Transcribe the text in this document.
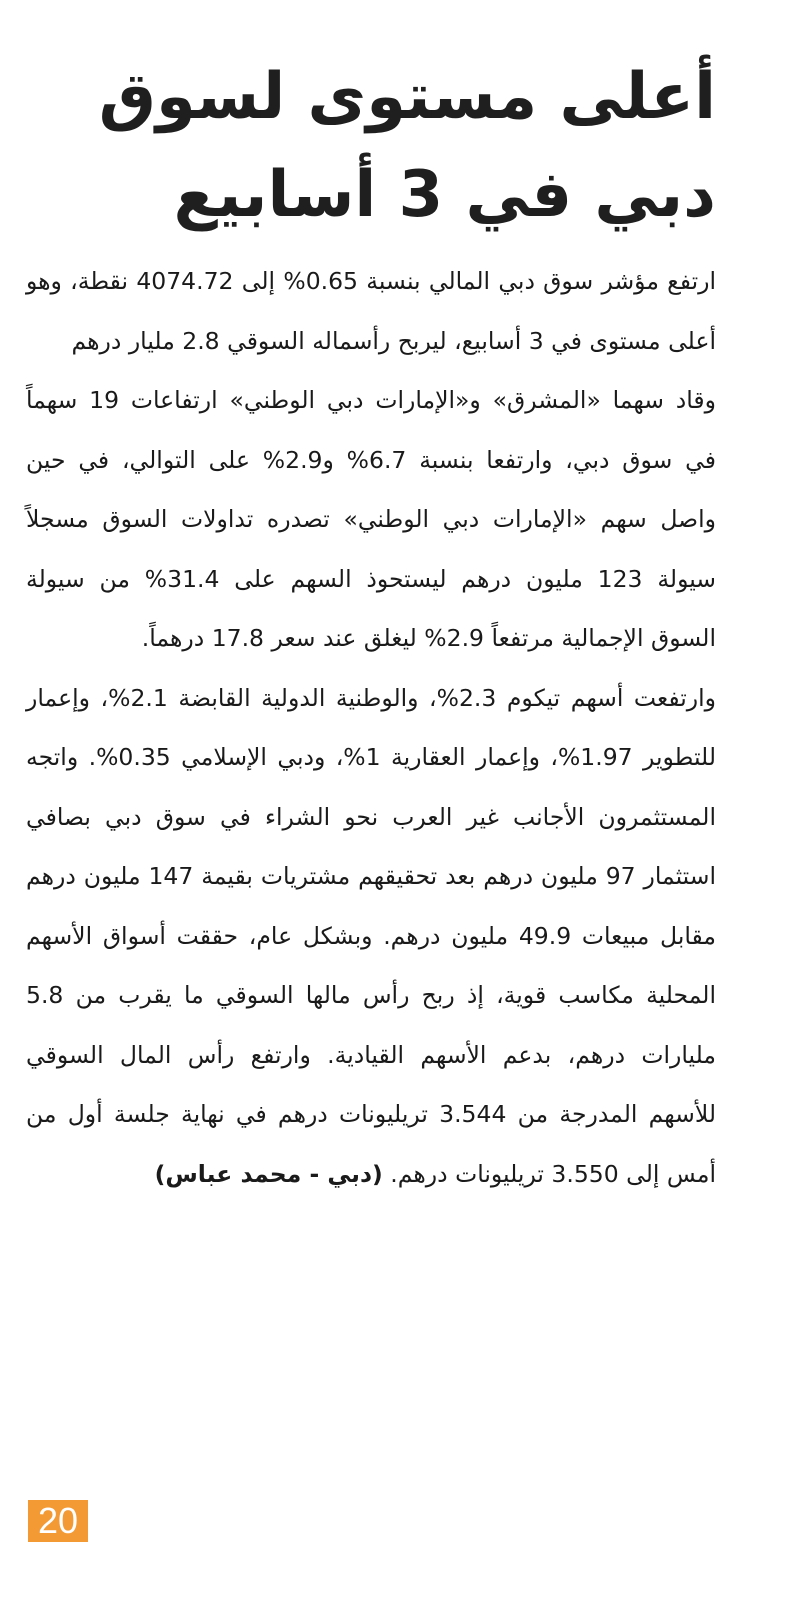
أعلى مستوى لسوق
دبي في 3 أسابيع

ارتفع مؤشر سوق دبي المالي بنسبة 0.65% إلى 4074.72 نقطة، وهو أعلى مستوى في 3 أسابيع، ليربح رأسماله السوقي 2.8 مليار درهم

وقاد سهما «المشرق» و«الإمارات دبي الوطني» ارتفاعات 19 سهماً في سوق دبي، وارتفعا بنسبة 6.7% و2.9% على التوالي، في حين واصل سهم «الإمارات دبي الوطني» تصدره تداولات السوق مسجلاً سيولة 123 مليون درهم ليستحوذ السهم على 31.4% من سيولة السوق الإجمالية مرتفعاً 2.9% ليغلق عند سعر 17.8 درهماً.

وارتفعت أسهم تيكوم 2.3%، والوطنية الدولية القابضة 2.1%، وإعمار للتطوير 1.97%، وإعمار العقارية 1%، ودبي الإسلامي 0.35%. واتجه المستثمرون الأجانب غير العرب نحو الشراء في سوق دبي بصافي استثمار 97 مليون درهم بعد تحقيقهم مشتريات بقيمة 147 مليون درهم مقابل مبيعات 49.9 مليون درهم. وبشكل عام، حققت أسواق الأسهم المحلية مكاسب قوية، إذ ربح رأس مالها السوقي ما يقرب من 5.8 مليارات درهم، بدعم الأسهم القيادية. وارتفع رأس المال السوقي للأسهم المدرجة من 3.544 تريليونات درهم في نهاية جلسة أول من أمس إلى 3.550 تريليونات درهم. (دبي - محمد عباس)

20
